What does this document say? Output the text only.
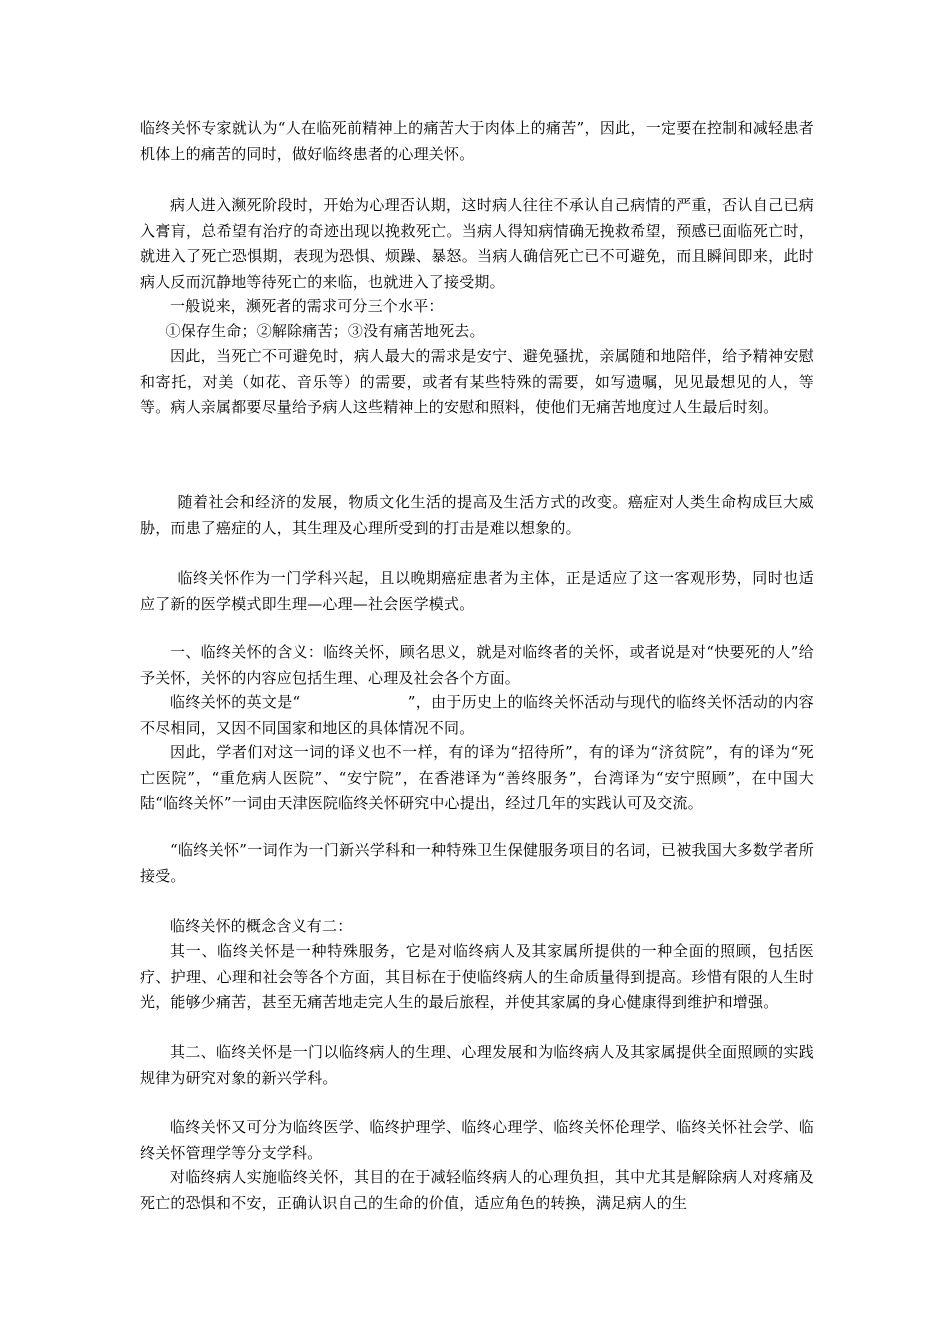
临终关怀专家就认为“人在临死前精神上的痛苦大于肉体上的痛苦”，因此，一定要在控制和减轻患者机体上的痛苦的同时，做好临终患者的心理关怀。

病人进入濒死阶段时，开始为心理否认期，这时病人往往不承认自己病情的严重，否认自己已病入膏肓，总希望有治疗的奇迹出现以挽救死亡。当病人得知病情确无挽救希望，预感已面临死亡时，就进入了死亡恐惧期，表现为恐惧、烦躁、暴怒。当病人确信死亡已不可避免，而且瞬间即来，此时病人反而沉静地等待死亡的来临，也就进入了接受期。

一般说来，濒死者的需求可分三个水平：

①保存生命；②解除痛苦；③没有痛苦地死去。

因此，当死亡不可避免时，病人最大的需求是安宁、避免骚扰，亲属随和地陪伴，给予精神安慰和寄托，对美（如花、音乐等）的需要，或者有某些特殊的需要，如写遗嘱，见见最想见的人，等等。病人亲属都要尽量给予病人这些精神上的安慰和照料，使他们无痛苦地度过人生最后时刻。

随着社会和经济的发展，物质文化生活的提高及生活方式的改变。癌症对人类生命构成巨大威胁，而患了癌症的人，其生理及心理所受到的打击是难以想象的。

临终关怀作为一门学科兴起，且以晚期癌症患者为主体，正是适应了这一客观形势，同时也适应了新的医学模式即生理—心理—社会医学模式。

一、临终关怀的含义：临终关怀，顾名思义，就是对临终者的关怀，或者说是对“快要死的人”给予关怀，关怀的内容应包括生理、心理及社会各个方面。

临终关怀的英文是“　　　　　　　”，由于历史上的临终关怀活动与现代的临终关怀活动的内容不尽相同，又因不同国家和地区的具体情况不同。

因此，学者们对这一词的译义也不一样，有的译为“招待所”，有的译为“济贫院”，有的译为“死亡医院”，“重危病人医院”、“安宁院”，在香港译为“善终服务”，台湾译为“安宁照顾”，在中国大陆“临终关怀”一词由天津医院临终关怀研究中心提出，经过几年的实践认可及交流。

“临终关怀”一词作为一门新兴学科和一种特殊卫生保健服务项目的名词，已被我国大多数学者所接受。

临终关怀的概念含义有二：

其一、临终关怀是一种特殊服务，它是对临终病人及其家属所提供的一种全面的照顾，包括医疗、护理、心理和社会等各个方面，其目标在于使临终病人的生命质量得到提高。珍惜有限的人生时光，能够少痛苦，甚至无痛苦地走完人生的最后旅程，并使其家属的身心健康得到维护和增强。

其二、临终关怀是一门以临终病人的生理、心理发展和为临终病人及其家属提供全面照顾的实践规律为研究对象的新兴学科。

临终关怀又可分为临终医学、临终护理学、临终心理学、临终关怀伦理学、临终关怀社会学、临终关怀管理学等分支学科。

对临终病人实施临终关怀，其目的在于减轻临终病人的心理负担，其中尤其是解除病人对疼痛及死亡的恐惧和不安，正确认识自己的生命的价值，适应角色的转换，满足病人的生
